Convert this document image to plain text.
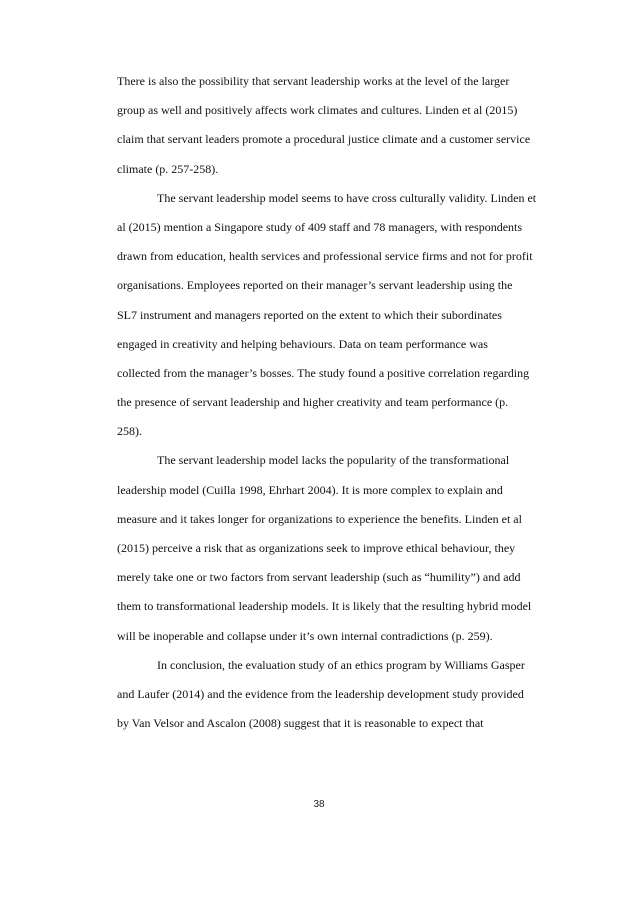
There is also the possibility that servant leadership works at the level of the larger
group as well and positively affects work climates and cultures. Linden et al (2015)
claim that servant leaders promote a procedural justice climate and a customer service
climate (p. 257-258).
The servant leadership model seems to have cross culturally validity. Linden et
al (2015) mention a Singapore study of 409 staff and 78 managers, with respondents
drawn from education, health services and professional service firms and not for profit
organisations. Employees reported on their manager’s servant leadership using the
SL7 instrument and managers reported on the extent to which their subordinates
engaged in creativity and helping behaviours. Data on team performance was
collected from the manager’s bosses. The study found a positive correlation regarding
the presence of servant leadership and higher creativity and team performance (p.
258).
The servant leadership model lacks the popularity of the transformational
leadership model (Cuilla 1998, Ehrhart 2004). It is more complex to explain and
measure and it takes longer for organizations to experience the benefits. Linden et al
(2015) perceive a risk that as organizations seek to improve ethical behaviour, they
merely take one or two factors from servant leadership (such as “humility”) and add
them to transformational leadership models. It is likely that the resulting hybrid model
will be inoperable and collapse under it’s own internal contradictions (p. 259).
In conclusion, the evaluation study of an ethics program by Williams Gasper
and Laufer (2014) and the evidence from the leadership development study provided
by Van Velsor and Ascalon (2008) suggest that it is reasonable to expect that
38
